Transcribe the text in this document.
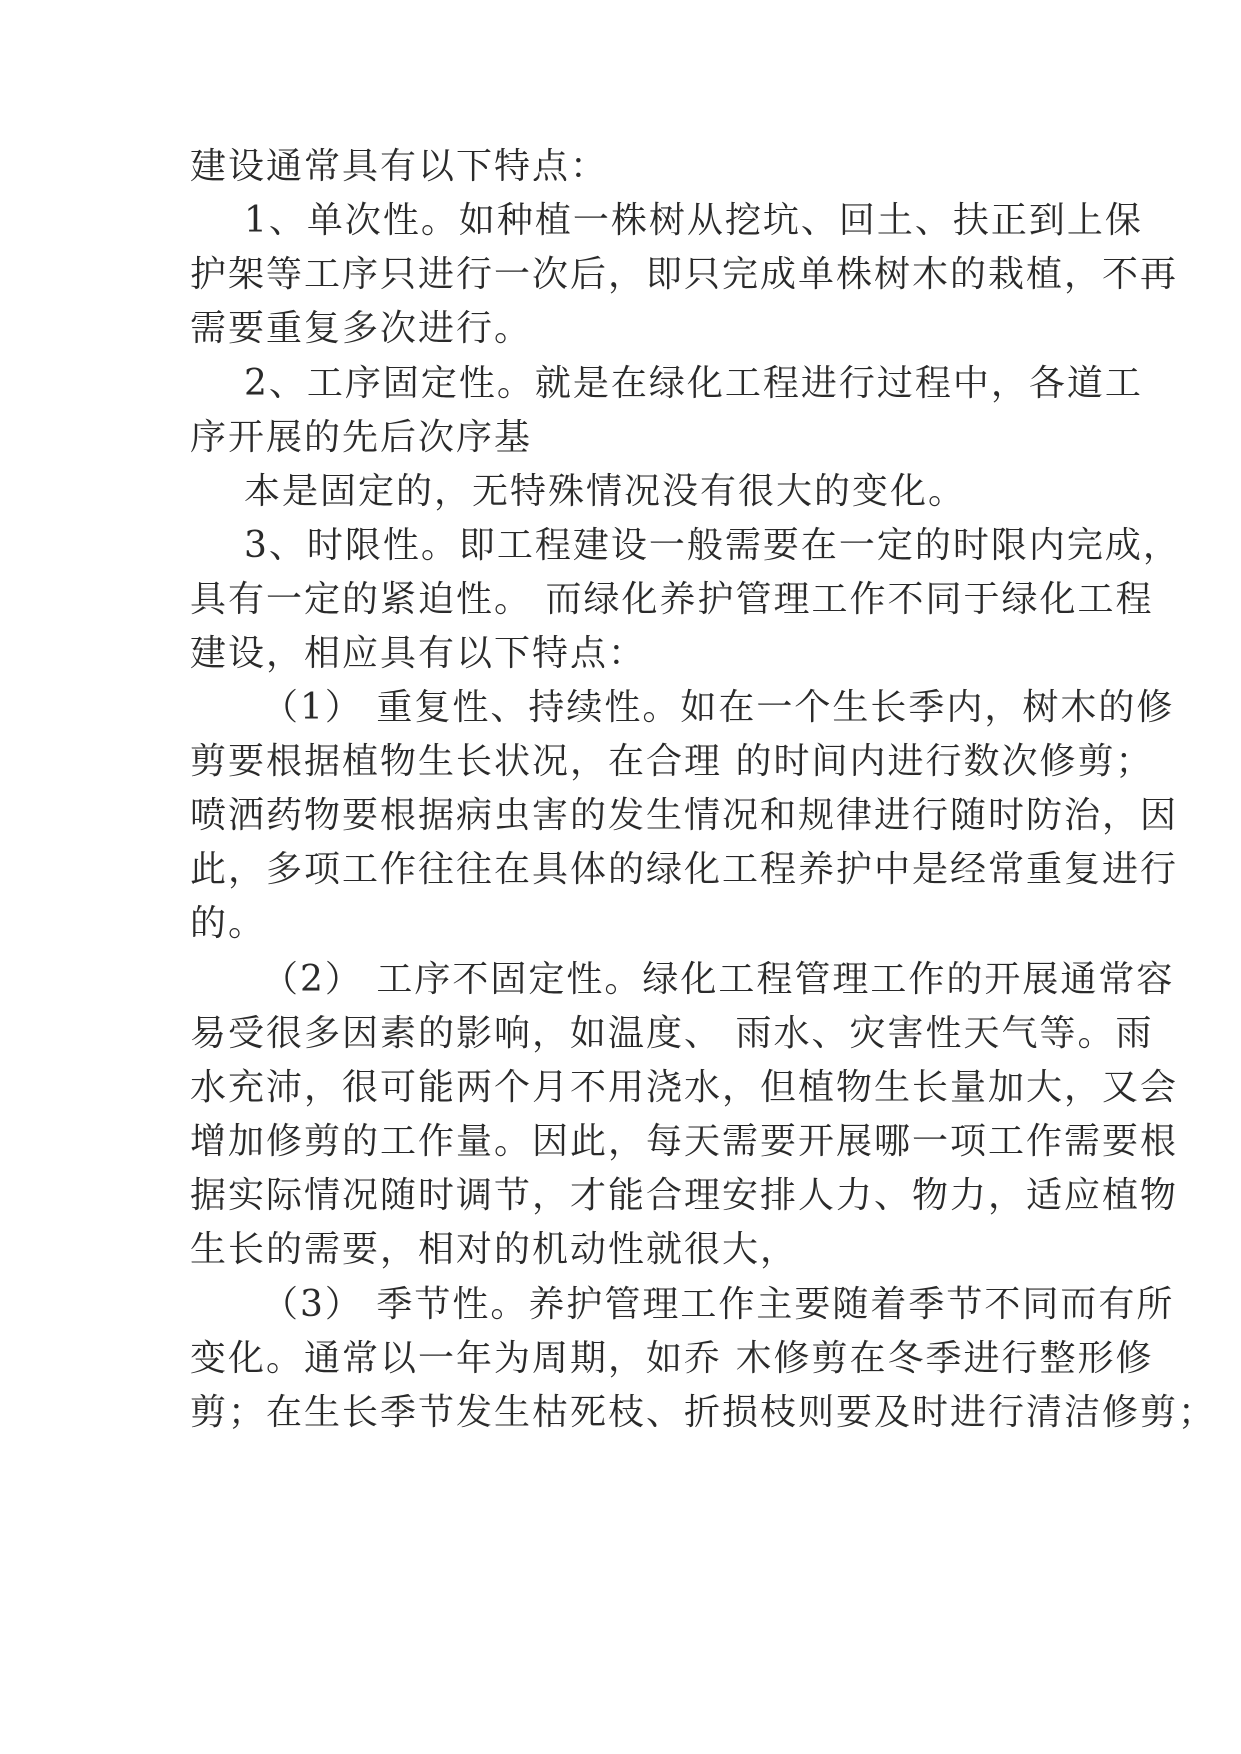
建设通常具有以下特点：

1、单次性。如种植一株树从挖坑、回土、扶正到上保

护架等工序只进行一次后，即只完成单株树木的栽植，不再

需要重复多次进行。

2、工序固定性。就是在绿化工程进行过程中，各道工

序开展的先后次序基

本是固定的，无特殊情况没有很大的变化。

3、时限性。即工程建设一般需要在一定的时限内完成，

具有一定的紧迫性。 而绿化养护管理工作不同于绿化工程

建设，相应具有以下特点：

（1） 重复性、持续性。如在一个生长季内，树木的修

剪要根据植物生长状况，在合理 的时间内进行数次修剪；

喷洒药物要根据病虫害的发生情况和规律进行随时防治，因

此，多项工作往往在具体的绿化工程养护中是经常重复进行

的。

（2） 工序不固定性。绿化工程管理工作的开展通常容

易受很多因素的影响，如温度、 雨水、灾害性天气等。雨

水充沛，很可能两个月不用浇水，但植物生长量加大，又会

增加修剪的工作量。因此，每天需要开展哪一项工作需要根

据实际情况随时调节，才能合理安排人力、物力，适应植物

生长的需要，相对的机动性就很大，

（3） 季节性。养护管理工作主要随着季节不同而有所

变化。通常以一年为周期，如乔 木修剪在冬季进行整形修

剪；在生长季节发生枯死枝、折损枝则要及时进行清洁修剪；
